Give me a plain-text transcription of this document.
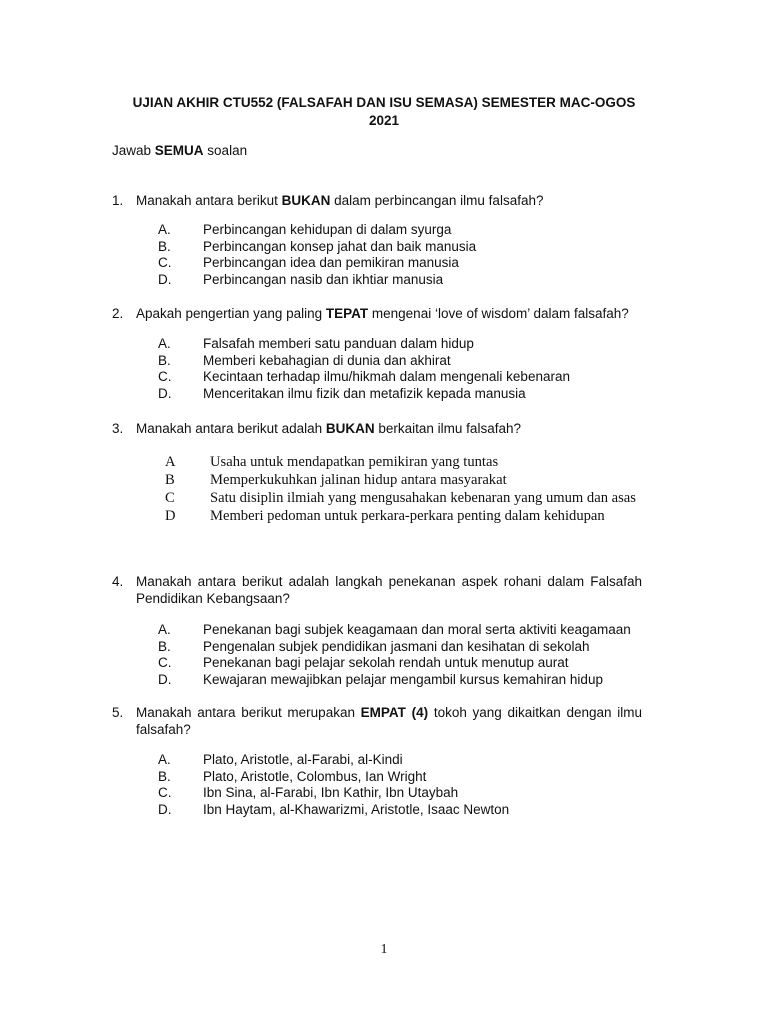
UJIAN AKHIR CTU552 (FALSAFAH DAN ISU SEMASA) SEMESTER MAC-OGOS
2021
Jawab SEMUA soalan
1. Manakah antara berikut BUKAN dalam perbincangan ilmu falsafah?
A. Perbincangan kehidupan di dalam syurga
B. Perbincangan konsep jahat dan baik manusia
C. Perbincangan idea dan pemikiran manusia
D. Perbincangan nasib dan ikhtiar manusia
2. Apakah pengertian yang paling TEPAT mengenai ‘love of wisdom’ dalam falsafah?
A. Falsafah memberi satu panduan dalam hidup
B. Memberi kebahagian di dunia dan akhirat
C. Kecintaan terhadap ilmu/hikmah dalam mengenali kebenaran
D. Menceritakan ilmu fizik dan metafizik kepada manusia
3. Manakah antara berikut adalah BUKAN berkaitan ilmu falsafah?
A Usaha untuk mendapatkan pemikiran yang tuntas
B Memperkukuhkan jalinan hidup antara masyarakat
C Satu disiplin ilmiah yang mengusahakan kebenaran yang umum dan asas
D Memberi pedoman untuk perkara-perkara penting dalam kehidupan
4. Manakah antara berikut adalah langkah penekanan aspek rohani dalam Falsafah Pendidikan Kebangsaan?
A. Penekanan bagi subjek keagamaan dan moral serta aktiviti keagamaan
B. Pengenalan subjek pendidikan jasmani dan kesihatan di sekolah
C. Penekanan bagi pelajar sekolah rendah untuk menutup aurat
D. Kewajaran mewajibkan pelajar mengambil kursus kemahiran hidup
5. Manakah antara berikut merupakan EMPAT (4) tokoh yang dikaitkan dengan ilmu falsafah?
A. Plato, Aristotle, al-Farabi, al-Kindi
B. Plato, Aristotle, Colombus, Ian Wright
C. Ibn Sina, al-Farabi, Ibn Kathir, Ibn Utaybah
D. Ibn Haytam, al-Khawarizmi, Aristotle, Isaac Newton
1
